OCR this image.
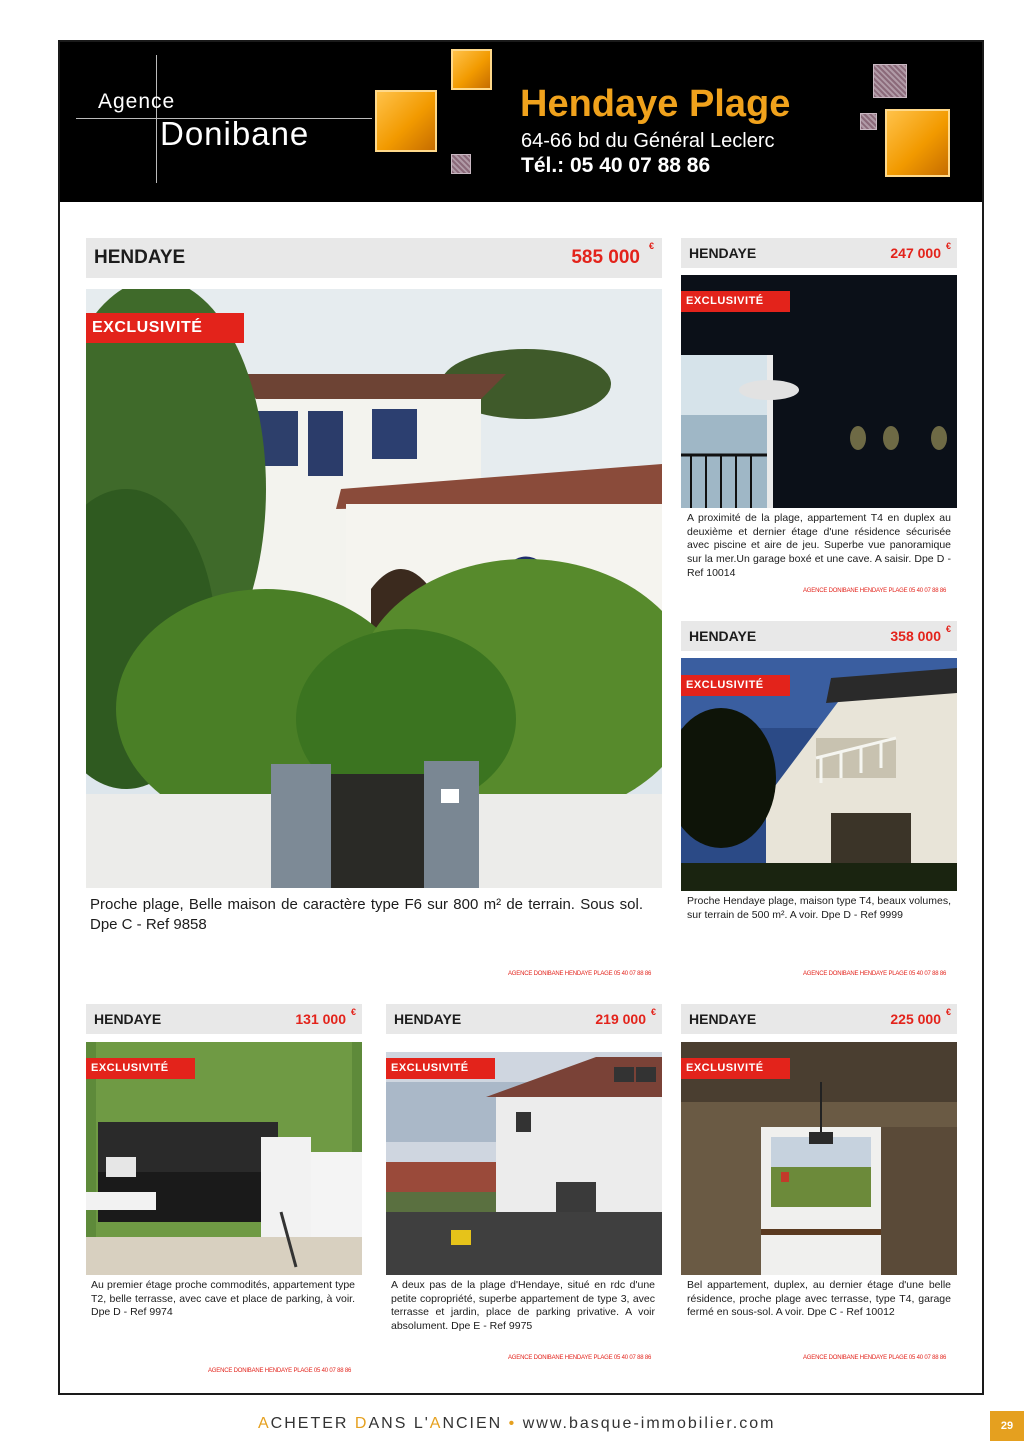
Agence
Donibane
Hendaye Plage
64-66 bd du Général Leclerc
Tél.: 05 40 07 88 86
HENDAYE	585 000
€
EXCLUSIVITÉ
Proche plage, Belle maison de caractère type F6 sur 800 m² de terrain. Sous sol. Dpe C - Ref 9858
AGENCE DONIBANE HENDAYE PLAGE 05 40 07 88 86
HENDAYE	247 000 €
EXCLUSIVITÉ
A proximité de la plage, appartement T4 en duplex au deuxième et dernier étage d'une résidence sécurisée avec piscine et aire de jeu. Superbe vue panoramique sur la mer.Un garage boxé et une cave. A saisir. Dpe D - Ref 10014
AGENCE DONIBANE HENDAYE PLAGE 05 40 07 88 86
HENDAYE	358 000 €
EXCLUSIVITÉ
Proche Hendaye plage, maison type T4, beaux volumes, sur terrain de 500 m². A voir. Dpe D - Ref 9999
AGENCE DONIBANE HENDAYE PLAGE 05 40 07 88 86
HENDAYE	131 000 €
EXCLUSIVITÉ
Au premier étage proche commodités, appartement type T2, belle terrasse, avec cave et place de parking, à voir. Dpe D - Ref 9974
AGENCE DONIBANE HENDAYE PLAGE 05 40 07 88 86
HENDAYE	219 000 €
EXCLUSIVITÉ
A deux pas de la plage d'Hendaye, situé en rdc d'une petite copropriété, superbe appartement de type 3, avec terrasse et jardin, place de parking privative. A voir absolument. Dpe E - Ref 9975
AGENCE DONIBANE HENDAYE PLAGE 05 40 07 88 86
HENDAYE	225 000 €
EXCLUSIVITÉ
Bel appartement, duplex, au dernier étage d'une belle résidence, proche plage avec terrasse, type T4, garage fermé en sous-sol. A voir. Dpe C - Ref 10012
AGENCE DONIBANE HENDAYE PLAGE 05 40 07 88 86
ACHETER DANS L'ANCIEN • www.basque-immobilier.com	29
